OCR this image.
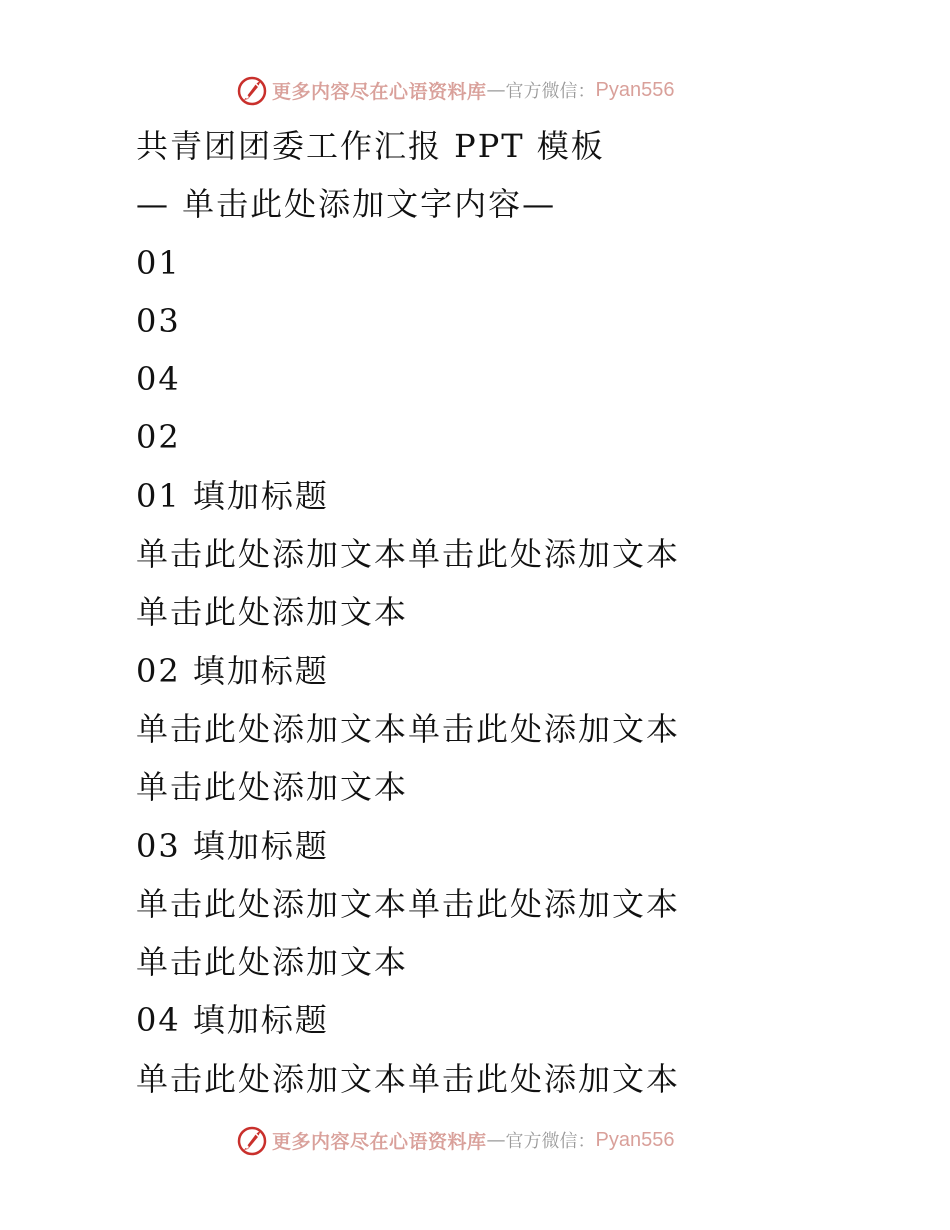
更多内容尽在心语资料库 — 官方微信： Pyan556
共青团团委工作汇报 PPT 模板
— 单击此处添加文字内容—
01
03
04
02
01 填加标题
单击此处添加文本单击此处添加文本
单击此处添加文本
02 填加标题
单击此处添加文本单击此处添加文本
单击此处添加文本
03 填加标题
单击此处添加文本单击此处添加文本
单击此处添加文本
04 填加标题
单击此处添加文本单击此处添加文本
更多内容尽在心语资料库 — 官方微信： Pyan556
